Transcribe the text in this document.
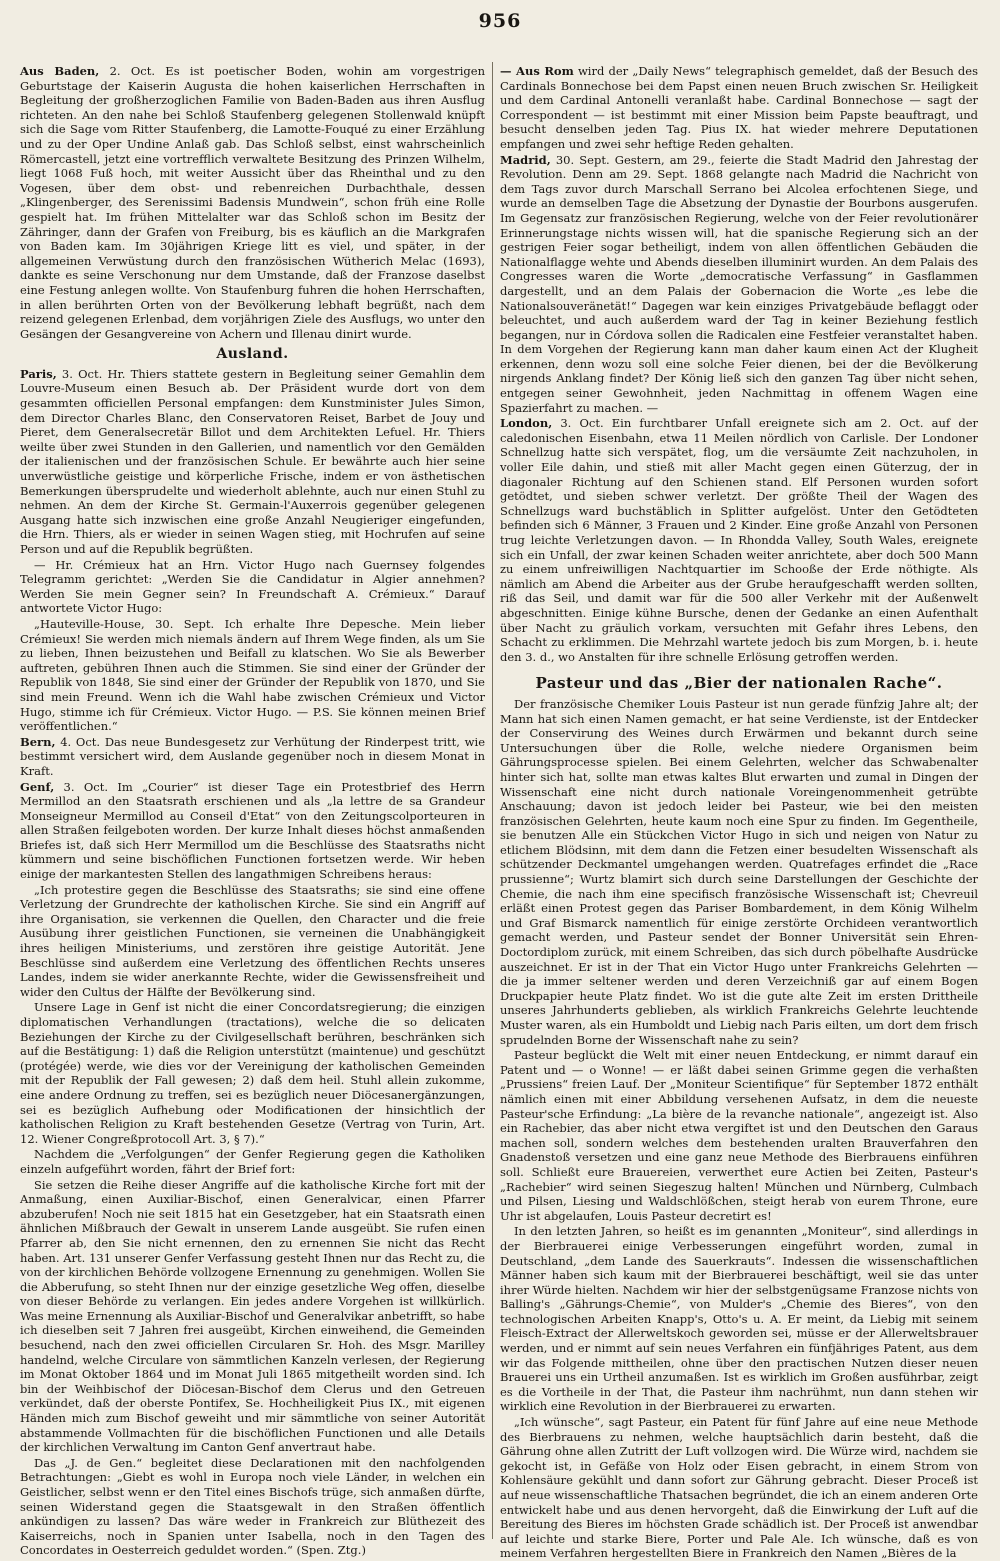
956

Aus Baden, 2. Oct. Es ist poetischer Boden, wohin am vorgestrigen Geburtstage der Kaiserin Augusta die hohen kaiserlichen Herrschaften in Begleitung der großherzoglichen Familie von Baden-Baden aus ihren Ausflug richteten. An den nahe bei Schloß Staufenberg gelegenen Stollenwald knüpft sich die Sage vom Ritter Staufenberg, die Lamotte-Fouqué zu einer Erzählung und zu der Oper Undine Anlaß gab. Das Schloß selbst, einst wahrscheinlich Römercastell, jetzt eine vortrefflich verwaltete Besitzung des Prinzen Wilhelm, liegt 1068 Fuß hoch, mit weiter Aussicht über das Rheinthal und zu den Vogesen, über dem obst- und rebenreichen Durbachthale, dessen „Klingenberger, des Serenissimi Badensis Mundwein“, schon früh eine Rolle gespielt hat. Im frühen Mittelalter war das Schloß schon im Besitz der Zähringer, dann der Grafen von Freiburg, bis es käuflich an die Markgrafen von Baden kam. Im 30jährigen Kriege litt es viel, und später, in der allgemeinen Verwüstung durch den französischen Wütherich Melac (1693), dankte es seine Verschonung nur dem Umstande, daß der Franzose daselbst eine Festung anlegen wollte. Von Staufenburg fuhren die hohen Herrschaften, in allen berührten Orten von der Bevölkerung lebhaft begrüßt, nach dem reizend gelegenen Erlenbad, dem vorjährigen Ziele des Ausflugs, wo unter den Gesängen der Gesangvereine von Achern und Illenau dinirt wurde.

Ausland.

Paris, 3. Oct. Hr. Thiers stattete gestern in Begleitung seiner Gemahlin dem Louvre-Museum einen Besuch ab. Der Präsident wurde dort von dem gesammten officiellen Personal empfangen: dem Kunstminister Jules Simon, dem Director Charles Blanc, den Conservatoren Reiset, Barbet de Jouy und Pieret, dem Generalsecretär Billot und dem Architekten Lefuel. Hr. Thiers weilte über zwei Stunden in den Gallerien, und namentlich vor den Gemälden der italienischen und der französischen Schule. Er bewährte auch hier seine unverwüstliche geistige und körperliche Frische, indem er von ästhetischen Bemerkungen übersprudelte und wiederholt ablehnte, auch nur einen Stuhl zu nehmen. An dem der Kirche St. Germain-l'Auxerrois gegenüber gelegenen Ausgang hatte sich inzwischen eine große Anzahl Neugieriger eingefunden, die Hrn. Thiers, als er wieder in seinen Wagen stieg, mit Hochrufen auf seine Person und auf die Republik begrüßten.

— Hr. Crémieux hat an Hrn. Victor Hugo nach Guernsey folgendes Telegramm gerichtet: „Werden Sie die Candidatur in Algier annehmen? Werden Sie mein Gegner sein? In Freundschaft A. Crémieux.“ Darauf antwortete Victor Hugo:

„Hauteville-House, 30. Sept. Ich erhalte Ihre Depesche. Mein lieber Crémieux! Sie werden mich niemals ändern auf Ihrem Wege finden, als um Sie zu lieben, Ihnen beizustehen und Beifall zu klatschen. Wo Sie als Bewerber auftreten, gebühren Ihnen auch die Stimmen. Sie sind einer der Gründer der Republik von 1848, Sie sind einer der Gründer der Republik von 1870, und Sie sind mein Freund. Wenn ich die Wahl habe zwischen Crémieux und Victor Hugo, stimme ich für Crémieux. Victor Hugo. — P.S. Sie können meinen Brief veröffentlichen.“

Bern, 4. Oct. Das neue Bundesgesetz zur Verhütung der Rinderpest tritt, wie bestimmt versichert wird, dem Auslande gegenüber noch in diesem Monat in Kraft.

Genf, 3. Oct. Im „Courier“ ist dieser Tage ein Protestbrief des Herrn Mermillod an den Staatsrath erschienen und als „la lettre de sa Grandeur Monseigneur Mermillod au Conseil d'Etat“ von den Zeitungscolporteuren in allen Straßen feilgeboten worden. Der kurze Inhalt dieses höchst anmaßenden Briefes ist, daß sich Herr Mermillod um die Beschlüsse des Staatsraths nicht kümmern und seine bischöflichen Functionen fortsetzen werde. Wir heben einige der markantesten Stellen des langathmigen Schreibens heraus:

„Ich protestire gegen die Beschlüsse des Staatsraths; sie sind eine offene Verletzung der Grundrechte der katholischen Kirche. Sie sind ein Angriff auf ihre Organisation, sie verkennen die Quellen, den Character und die freie Ausübung ihrer geistlichen Functionen, sie verneinen die Unabhängigkeit ihres heiligen Ministeriums, und zerstören ihre geistige Autorität. Jene Beschlüsse sind außerdem eine Verletzung des öffentlichen Rechts unseres Landes, indem sie wider anerkannte Rechte, wider die Gewissensfreiheit und wider den Cultus der Hälfte der Bevölkerung sind.

Unsere Lage in Genf ist nicht die einer Concordatsregierung; die einzigen diplomatischen Verhandlungen (tractations), welche die so delicaten Beziehungen der Kirche zu der Civilgesellschaft berühren, beschränken sich auf die Bestätigung: 1) daß die Religion unterstützt (maintenue) und geschützt (protégée) werde, wie dies vor der Vereinigung der katholischen Gemeinden mit der Republik der Fall gewesen; 2) daß dem heil. Stuhl allein zukomme, eine andere Ordnung zu treffen, sei es bezüglich neuer Diöcesanergänzungen, sei es bezüglich Aufhebung oder Modificationen der hinsichtlich der katholischen Religion zu Kraft bestehenden Gesetze (Vertrag von Turin, Art. 12. Wiener Congreßprotocoll Art. 3, § 7).“

Nachdem die „Verfolgungen“ der Genfer Regierung gegen die Katholiken einzeln aufgeführt worden, fährt der Brief fort:

Sie setzen die Reihe dieser Angriffe auf die katholische Kirche fort mit der Anmaßung, einen Auxiliar-Bischof, einen Generalvicar, einen Pfarrer abzuberufen! Noch nie seit 1815 hat ein Gesetzgeber, hat ein Staatsrath einen ähnlichen Mißbrauch der Gewalt in unserem Lande ausgeübt. Sie rufen einen Pfarrer ab, den Sie nicht ernennen, den zu ernennen Sie nicht das Recht haben. Art. 131 unserer Genfer Verfassung gesteht Ihnen nur das Recht zu, die von der kirchlichen Behörde vollzogene Ernennung zu genehmigen. Wollen Sie die Abberufung, so steht Ihnen nur der einzige gesetzliche Weg offen, dieselbe von dieser Behörde zu verlangen. Ein jedes andere Vorgehen ist willkürlich. Was meine Ernennung als Auxiliar-Bischof und Generalvikar anbetrifft, so habe ich dieselben seit 7 Jahren frei ausgeübt, Kirchen einweihend, die Gemeinden besuchend, nach den zwei officiellen Circularen Sr. Hoh. des Msgr. Marilley handelnd, welche Circulare von sämmtlichen Kanzeln verlesen, der Regierung im Monat Oktober 1864 und im Monat Juli 1865 mitgetheilt worden sind. Ich bin der Weihbischof der Diöcesan-Bischof dem Clerus und den Getreuen verkündet, daß der oberste Pontifex, Se. Hochheiligkeit Pius IX., mit eigenen Händen mich zum Bischof geweiht und mir sämmtliche von seiner Autorität abstammende Vollmachten für die bischöflichen Functionen und alle Details der kirchlichen Verwaltung im Canton Genf anvertraut habe.

Das „J. de Gen.“ begleitet diese Declarationen mit den nachfolgenden Betrachtungen: „Giebt es wohl in Europa noch viele Länder, in welchen ein Geistlicher, selbst wenn er den Titel eines Bischofs trüge, sich anmaßen dürfte, seinen Widerstand gegen die Staatsgewalt in den Straßen öffentlich ankündigen zu lassen? Das wäre weder in Frankreich zur Blüthezeit des Kaiserreichs, noch in Spanien unter Isabella, noch in den Tagen des Concordates in Oesterreich geduldet worden.“ (Spen. Ztg.)

— Aus Rom wird der „Daily News“ telegraphisch gemeldet, daß der Besuch des Cardinals Bonnechose bei dem Papst einen neuen Bruch zwischen Sr. Heiligkeit und dem Cardinal Antonelli veranlaßt habe. Cardinal Bonnechose — sagt der Correspondent — ist bestimmt mit einer Mission beim Papste beauftragt, und besucht denselben jeden Tag. Pius IX. hat wieder mehrere Deputationen empfangen und zwei sehr heftige Reden gehalten.

Madrid, 30. Sept. Gestern, am 29., feierte die Stadt Madrid den Jahrestag der Revolution. Denn am 29. Sept. 1868 gelangte nach Madrid die Nachricht von dem Tags zuvor durch Marschall Serrano bei Alcolea erfochtenen Siege, und wurde an demselben Tage die Absetzung der Dynastie der Bourbons ausgerufen. Im Gegensatz zur französischen Regierung, welche von der Feier revolutionärer Erinnerungstage nichts wissen will, hat die spanische Regierung sich an der gestrigen Feier sogar betheiligt, indem von allen öffentlichen Gebäuden die Nationalflagge wehte und Abends dieselben illuminirt wurden. An dem Palais des Congresses waren die Worte „democratische Verfassung“ in Gasflammen dargestellt, und an dem Palais der Gobernacion die Worte „es lebe die Nationalsouveränetät!“ Dagegen war kein einziges Privatgebäude beflaggt oder beleuchtet, und auch außerdem ward der Tag in keiner Beziehung festlich begangen, nur in Córdova sollen die Radicalen eine Festfeier veranstaltet haben. In dem Vorgehen der Regierung kann man daher kaum einen Act der Klugheit erkennen, denn wozu soll eine solche Feier dienen, bei der die Bevölkerung nirgends Anklang findet? Der König ließ sich den ganzen Tag über nicht sehen, entgegen seiner Gewohnheit, jeden Nachmittag in offenem Wagen eine Spazierfahrt zu machen. —

London, 3. Oct. Ein furchtbarer Unfall ereignete sich am 2. Oct. auf der caledonischen Eisenbahn, etwa 11 Meilen nördlich von Carlisle. Der Londoner Schnellzug hatte sich verspätet, flog, um die versäumte Zeit nachzuholen, in voller Eile dahin, und stieß mit aller Macht gegen einen Güterzug, der in diagonaler Richtung auf den Schienen stand. Elf Personen wurden sofort getödtet, und sieben schwer verletzt. Der größte Theil der Wagen des Schnellzugs ward buchstäblich in Splitter aufgelöst. Unter den Getödteten befinden sich 6 Männer, 3 Frauen und 2 Kinder. Eine große Anzahl von Personen trug leichte Verletzungen davon. — In Rhondda Valley, South Wales, ereignete sich ein Unfall, der zwar keinen Schaden weiter anrichtete, aber doch 500 Mann zu einem unfreiwilligen Nachtquartier im Schooße der Erde nöthigte. Als nämlich am Abend die Arbeiter aus der Grube heraufgeschafft werden sollten, riß das Seil, und damit war für die 500 aller Verkehr mit der Außenwelt abgeschnitten. Einige kühne Bursche, denen der Gedanke an einen Aufenthalt über Nacht zu gräulich vorkam, versuchten mit Gefahr ihres Lebens, den Schacht zu erklimmen. Die Mehrzahl wartete jedoch bis zum Morgen, b. i. heute den 3. d., wo Anstalten für ihre schnelle Erlösung getroffen werden.

Pasteur und das „Bier der nationalen Rache“.

Der französische Chemiker Louis Pasteur ist nun gerade fünfzig Jahre alt; der Mann hat sich einen Namen gemacht, er hat seine Verdienste, ist der Entdecker der Conservirung des Weines durch Erwärmen und bekannt durch seine Untersuchungen über die Rolle, welche niedere Organismen beim Gährungsprocesse spielen. Bei einem Gelehrten, welcher das Schwabenalter hinter sich hat, sollte man etwas kaltes Blut erwarten und zumal in Dingen der Wissenschaft eine nicht durch nationale Voreingenommenheit getrübte Anschauung; davon ist jedoch leider bei Pasteur, wie bei den meisten französischen Gelehrten, heute kaum noch eine Spur zu finden. Im Gegentheile, sie benutzen Alle ein Stückchen Victor Hugo in sich und neigen von Natur zu etlichem Blödsinn, mit dem dann die Fetzen einer besudelten Wissenschaft als schützender Deckmantel umgehangen werden. Quatrefages erfindet die „Race prussienne“; Wurtz blamirt sich durch seine Darstellungen der Geschichte der Chemie, die nach ihm eine specifisch französische Wissenschaft ist; Chevreuil erläßt einen Protest gegen das Pariser Bombardement, in dem König Wilhelm und Graf Bismarck namentlich für einige zerstörte Orchideen verantwortlich gemacht werden, und Pasteur sendet der Bonner Universität sein Ehren-Doctordiplom zurück, mit einem Schreiben, das sich durch pöbelhafte Ausdrücke auszeichnet. Er ist in der That ein Victor Hugo unter Frankreichs Gelehrten — die ja immer seltener werden und deren Verzeichniß gar auf einem Bogen Druckpapier heute Platz findet. Wo ist die gute alte Zeit im ersten Drittheile unseres Jahrhunderts geblieben, als wirklich Frankreichs Gelehrte leuchtende Muster waren, als ein Humboldt und Liebig nach Paris eilten, um dort dem frisch sprudelnden Borne der Wissenschaft nahe zu sein?

Pasteur beglückt die Welt mit einer neuen Entdeckung, er nimmt darauf ein Patent und — o Wonne! — er läßt dabei seinen Grimme gegen die verhaßten „Prussiens“ freien Lauf. Der „Moniteur Scientifique“ für September 1872 enthält nämlich einen mit einer Abbildung versehenen Aufsatz, in dem die neueste Pasteur'sche Erfindung: „La bière de la revanche nationale“, angezeigt ist. Also ein Rachebier, das aber nicht etwa vergiftet ist und den Deutschen den Garaus machen soll, sondern welches dem bestehenden uralten Brauverfahren den Gnadenstoß versetzen und eine ganz neue Methode des Bierbrauens einführen soll. Schließt eure Brauereien, verwerthet eure Actien bei Zeiten, Pasteur's „Rachebier“ wird seinen Siegeszug halten! München und Nürnberg, Culmbach und Pilsen, Liesing und Waldschlößchen, steigt herab von eurem Throne, eure Uhr ist abgelaufen, Louis Pasteur decretirt es!

In den letzten Jahren, so heißt es im genannten „Moniteur“, sind allerdings in der Bierbrauerei einige Verbesserungen eingeführt worden, zumal in Deutschland, „dem Lande des Sauerkrauts“. Indessen die wissenschaftlichen Männer haben sich kaum mit der Bierbrauerei beschäftigt, weil sie das unter ihrer Würde hielten. Nachdem wir hier der selbstgenügsame Franzose nichts von Balling's „Gährungs-Chemie“, von Mulder's „Chemie des Bieres“, von den technologischen Arbeiten Knapp's, Otto's u. A. Er meint, da Liebig mit seinem Fleisch-Extract der Allerweltskoch geworden sei, müsse er der Allerweltsbrauer werden, und er nimmt auf sein neues Verfahren ein fünfjähriges Patent, aus dem wir das Folgende mittheilen, ohne über den practischen Nutzen dieser neuen Brauerei uns ein Urtheil anzumaßen. Ist es wirklich im Großen ausführbar, zeigt es die Vortheile in der That, die Pasteur ihm nachrühmt, nun dann stehen wir wirklich eine Revolution in der Bierbrauerei zu erwarten.

„Ich wünsche“, sagt Pasteur, ein Patent für fünf Jahre auf eine neue Methode des Bierbrauens zu nehmen, welche hauptsächlich darin besteht, daß die Gährung ohne allen Zutritt der Luft vollzogen wird. Die Würze wird, nachdem sie gekocht ist, in Gefäße von Holz oder Eisen gebracht, in einem Strom von Kohlensäure gekühlt und dann sofort zur Gährung gebracht. Dieser Proceß ist auf neue wissenschaftliche Thatsachen begründet, die ich an einem anderen Orte entwickelt habe und aus denen hervorgeht, daß die Einwirkung der Luft auf die Bereitung des Bieres im höchsten Grade schädlich ist. Der Proceß ist anwendbar auf leichte und starke Biere, Porter und Pale Ale. Ich wünsche, daß es von meinem Verfahren hergestellten Biere in Frankreich den Namen „Bières de la
